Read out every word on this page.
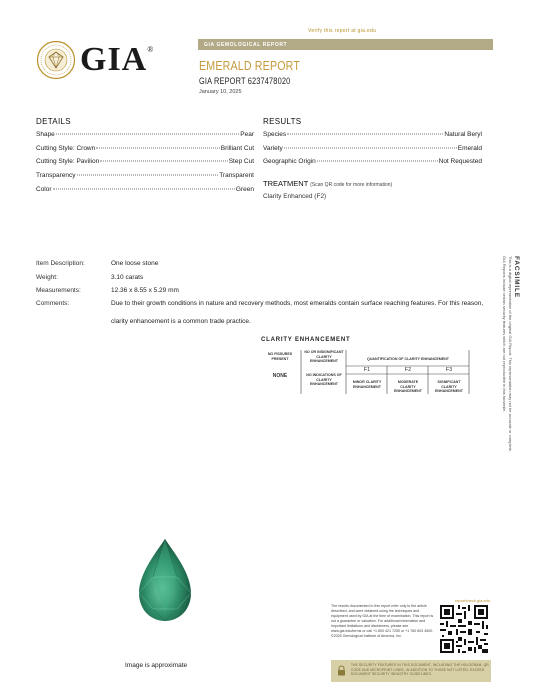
Verify this report at gia.edu
GIA®	GIA GEMOLOGICAL REPORT
EMERALD REPORT
GIA REPORT 6237478020
January 10, 2025
DETAILS
Shape	Pear
Cutting Style: Crown	Brilliant Cut
Cutting Style: Pavilion	Step Cut
Transparency	Transparent
Color	Green
RESULTS
Species	Natural Beryl
Variety	Emerald
Geographic Origin	Not Requested
TREATMENT (Scan QR code for more information)
Clarity Enhanced (F2)
Item Description:	One loose stone
Weight:	3.10 carats
Measurements:	12.36 x 8.55 x 5.29 mm
Comments:	Due to their growth conditions in nature and recovery methods, most emeralds contain surface reaching features. For this reason, clarity enhancement is a common trade practice.
FACSIMILE
This is a digital representation of the original GIA Report. This representation may not be accurate or complete. GIA Reports include certain security features which are not reproducible in this facsimile.
CLARITY ENHANCEMENT
NO FISSURES PRESENT
NO OR INSIGNIFICANT CLARITY ENHANCEMENT	QUANTIFICATION OF CLARITY ENHANCEMENT
NONE	NO INDICATIONS OF CLARITY ENHANCEMENT
F1	F2	F3
MINOR CLARITY ENHANCEMENT
MODERATE CLARITY ENHANCEMENT
SIGNIFICANT CLARITY ENHANCEMENT
Image is approximate
reportcheck.gia.edu
The results documented in this report refer only to the article described, and were obtained using the techniques and equipment used by GIA at the time of examination. This report is not a guarantee or valuation. For additional information and important limitations and disclaimers, please see www.gia.edu/terms or call +1 800 421 7250 or +1 760 603 4500. ©2025 Gemological Institute of America, Inc.
THE SECURITY FEATURES IN THIS DOCUMENT, INCLUDING THE HOLOGRAM, QR CODE AND MICROPRINT LINES, IN ADDITION TO THOSE NOT LISTED, EXCEED DOCUMENT SECURITY INDUSTRY GUIDELINES.
